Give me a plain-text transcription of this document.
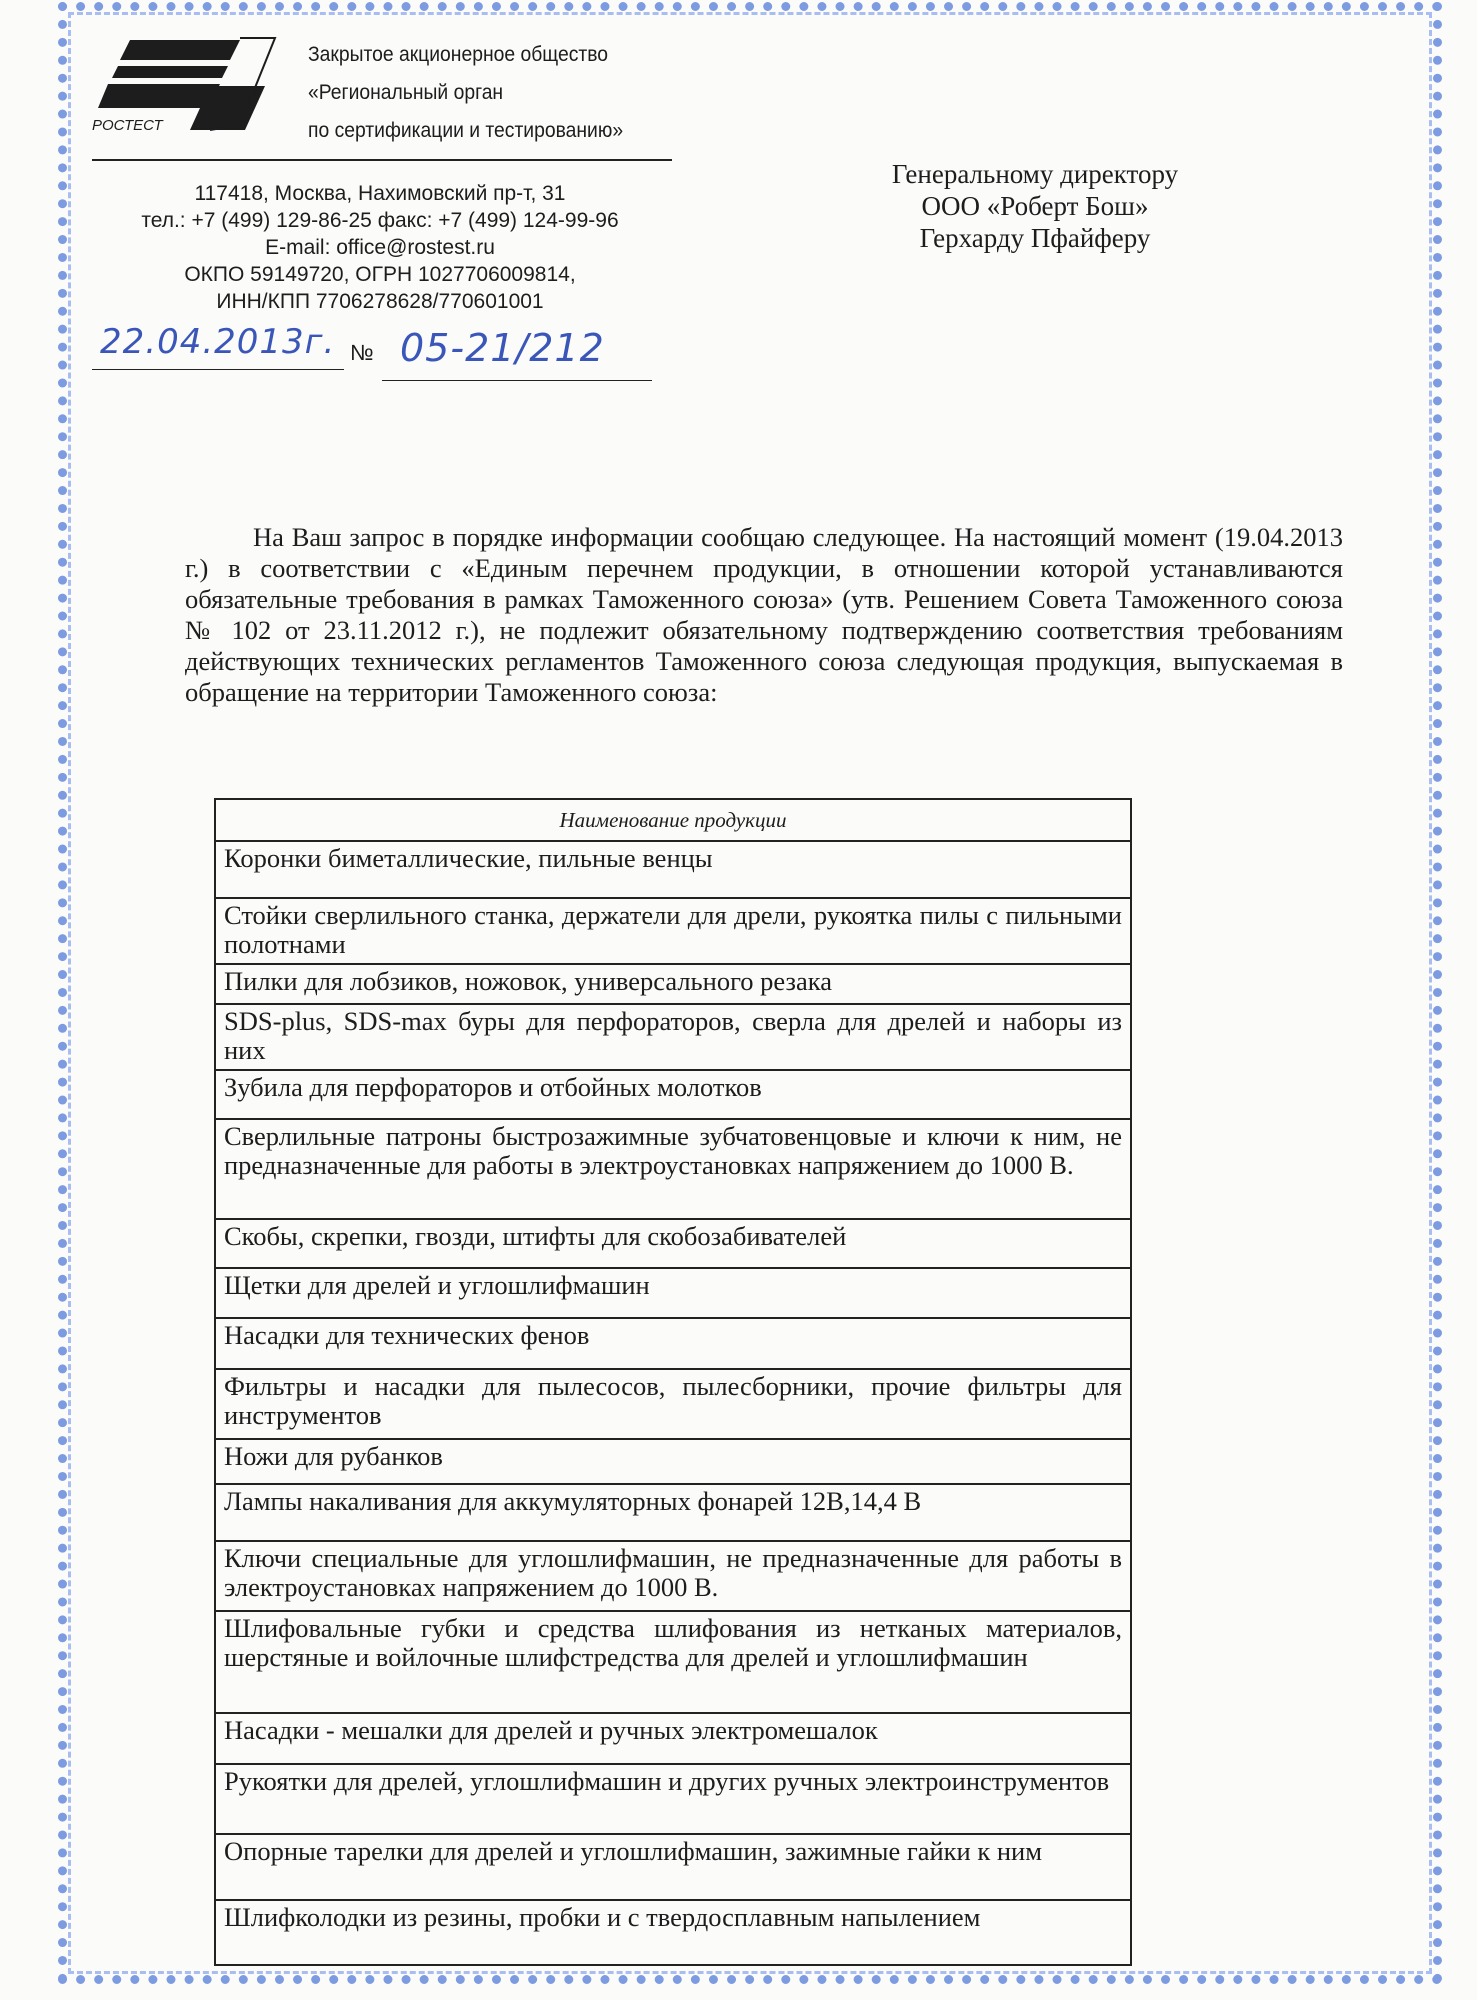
РОСТЕСТ
Закрытое акционерное общество
«Региональный орган
по сертификации и тестированию»
117418, Москва, Нахимовский пр-т, 31
тел.: +7 (499) 129-86-25 факс: +7 (499) 124-99-96
E-mail: office@rostest.ru
ОКПО 59149720, ОГРН 1027706009814,
ИНН/КПП 7706278628/770601001
22.04.2013г. № 05-21/212
Генеральному директору
ООО «Роберт Бош»
Герхарду Пфайферу
На Ваш запрос в порядке информации сообщаю следующее. На настоящий момент (19.04.2013 г.) в соответствии с «Единым перечнем продукции, в отношении которой устанавливаются обязательные требования в рамках Таможенного союза» (утв. Решением Совета Таможенного союза № 102 от 23.11.2012 г.), не подлежит обязательному подтверждению соответствия требованиям действующих технических регламентов Таможенного союза следующая продукция, выпускаемая в обращение на территории Таможенного союза:
Наименование продукции
Коронки биметаллические, пильные венцы
Стойки сверлильного станка, держатели для дрели, рукоятка пилы с пильными полотнами
Пилки для лобзиков, ножовок, универсального резака
SDS-plus, SDS-max буры для перфораторов, сверла для дрелей и наборы из них
Зубила для перфораторов и отбойных молотков
Сверлильные патроны быстрозажимные зубчатовенцовые и ключи к ним, не предназначенные для работы в электроустановках напряжением до 1000 В.
Скобы, скрепки, гвозди, штифты для скобозабивателей
Щетки для дрелей и углошлифмашин
Насадки для технических фенов
Фильтры и насадки для пылесосов, пылесборники, прочие фильтры для инструментов
Ножи для рубанков
Лампы накаливания для аккумуляторных фонарей 12В,14,4 В
Ключи специальные для углошлифмашин, не предназначенные для работы в электроустановках напряжением до 1000 В.
Шлифовальные губки и средства шлифования из нетканых материалов, шерстяные и войлочные шлифстредства для дрелей и углошлифмашин
Насадки - мешалки для дрелей и ручных электромешалок
Рукоятки для дрелей, углошлифмашин и других ручных электроинструментов
Опорные тарелки для дрелей и углошлифмашин, зажимные гайки к ним
Шлифколодки из резины, пробки и с твердосплавным напылением
